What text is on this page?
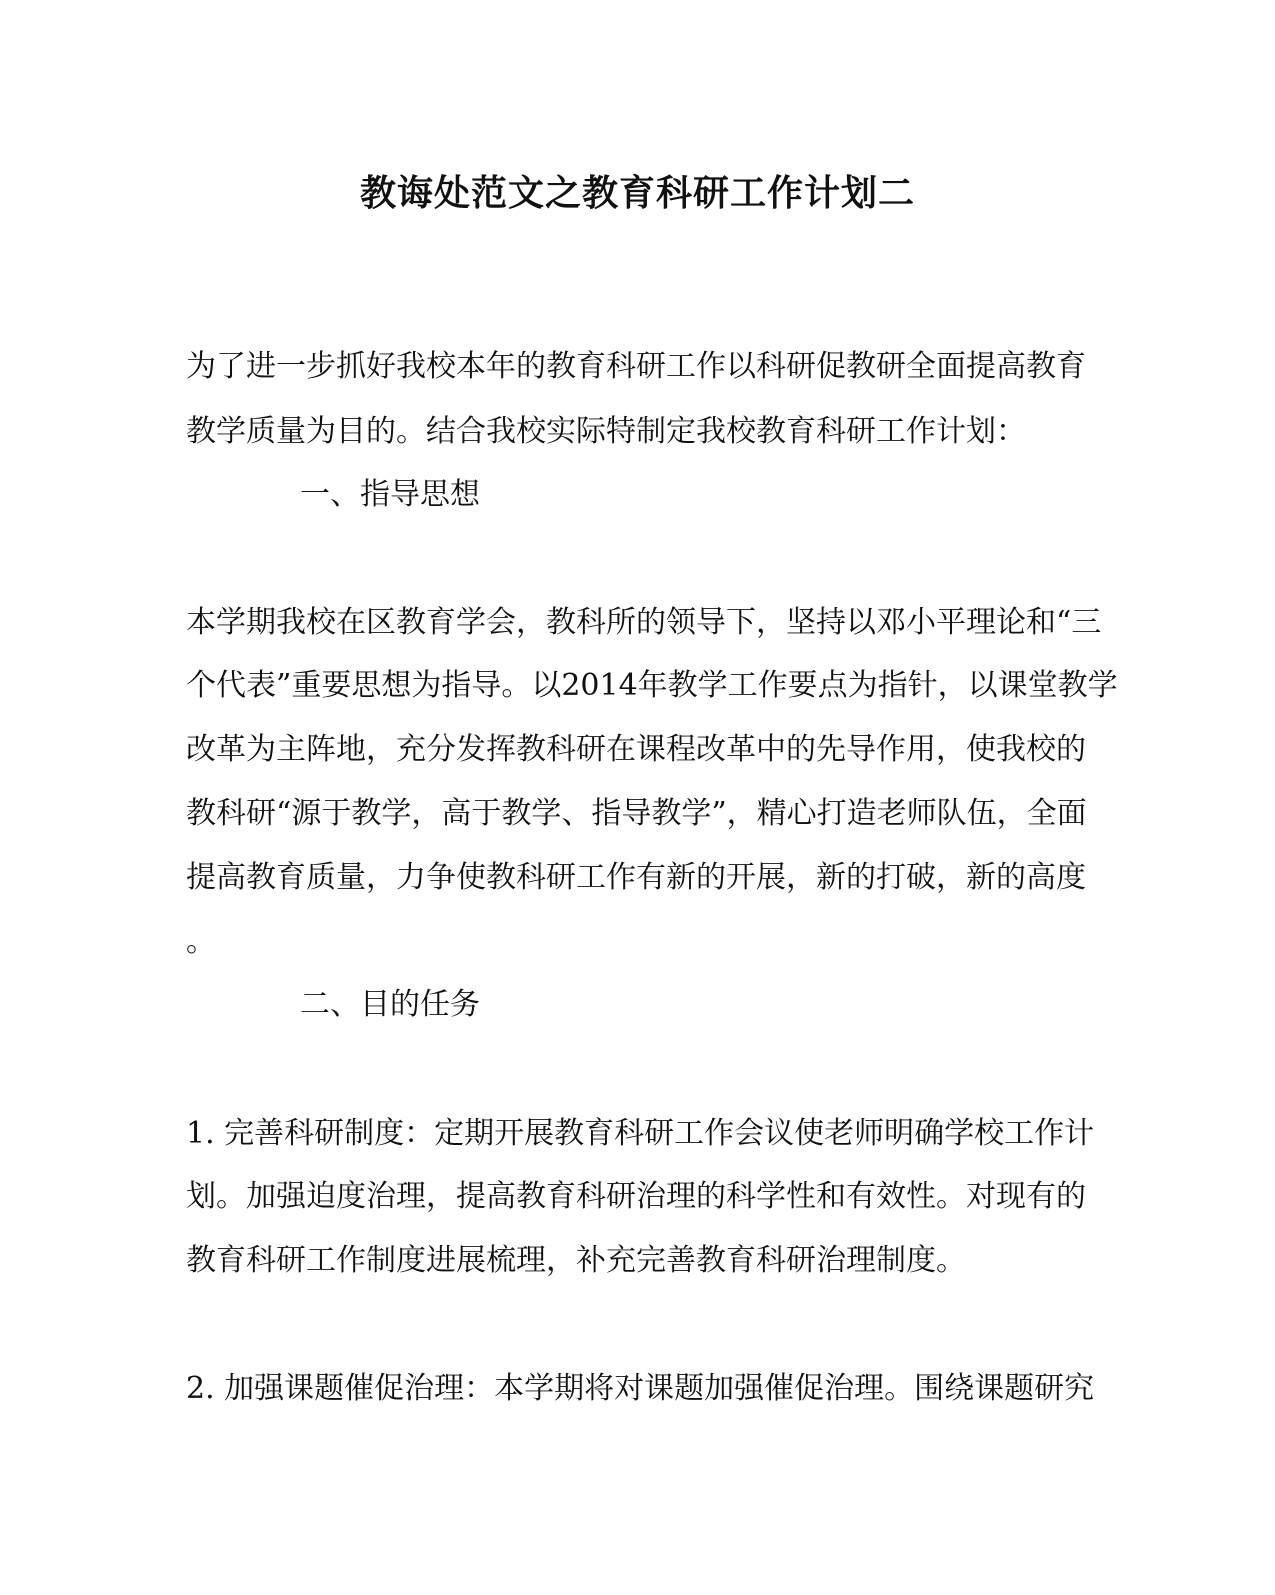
教诲处范文之教育科研工作计划二
为了进一步抓好我校本年的教育科研工作以科研促教研全面提高教育
教学质量为目的。结合我校实际特制定我校教育科研工作计划：
一、指导思想
本学期我校在区教育学会，教科所的领导下，坚持以邓小平理论和“三
个代表”重要思想为指导。以2014年教学工作要点为指针，以课堂教学
改革为主阵地，充分发挥教科研在课程改革中的先导作用，使我校的
教科研“源于教学，高于教学、指导教学”，精心打造老师队伍，全面
提高教育质量，力争使教科研工作有新的开展，新的打破，新的高度
。
二、目的任务
1. 完善科研制度：定期开展教育科研工作会议使老师明确学校工作计
划。加强迫度治理，提高教育科研治理的科学性和有效性。对现有的
教育科研工作制度进展梳理，补充完善教育科研治理制度。
2. 加强课题催促治理：本学期将对课题加强催促治理。围绕课题研究
